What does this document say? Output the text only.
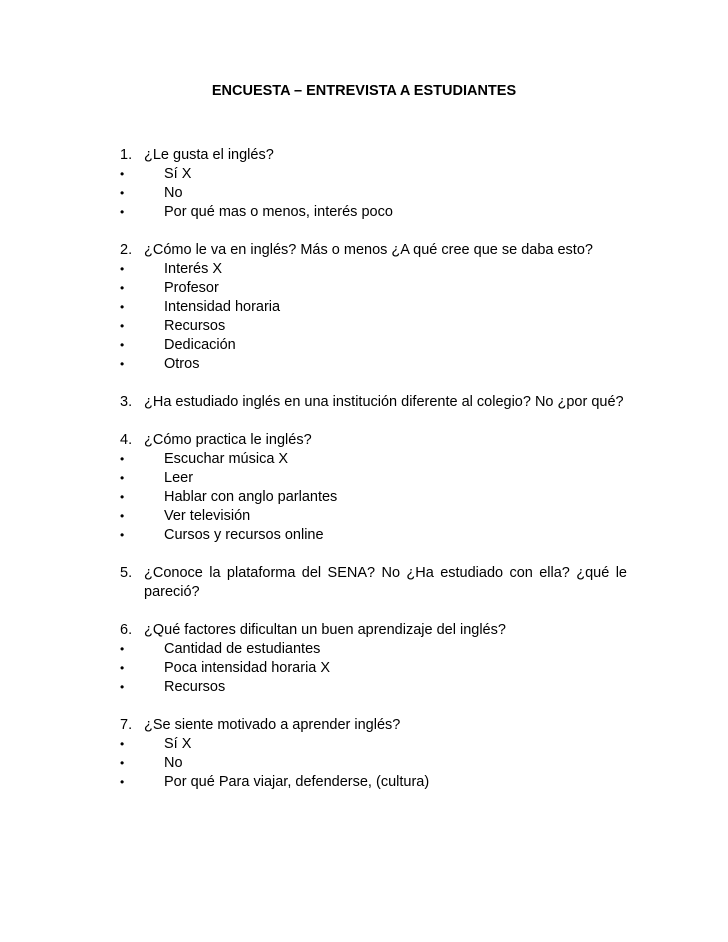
ENCUESTA – ENTREVISTA A ESTUDIANTES
1. ¿Le gusta el inglés?
•	Sí X
•	No
•	Por qué mas o menos, interés poco
2. ¿Cómo le va en inglés? Más o menos ¿A qué cree que se daba esto?
•	Interés X
•	Profesor
•	Intensidad horaria
•	Recursos
•	Dedicación
•	Otros
3. ¿Ha estudiado inglés en una institución diferente al colegio? No ¿por qué?
4. ¿Cómo practica le inglés?
•	Escuchar música X
•	Leer
•	Hablar con anglo parlantes
•	Ver televisión
•	Cursos y recursos online
5. ¿Conoce la plataforma del SENA? No ¿Ha estudiado con ella? ¿qué le pareció?
6. ¿Qué factores dificultan un buen aprendizaje del inglés?
•	Cantidad de estudiantes
•	Poca intensidad horaria X
•	Recursos
7. ¿Se siente motivado a aprender inglés?
•	Sí X
•	No
•	Por qué Para viajar, defenderse, (cultura)
